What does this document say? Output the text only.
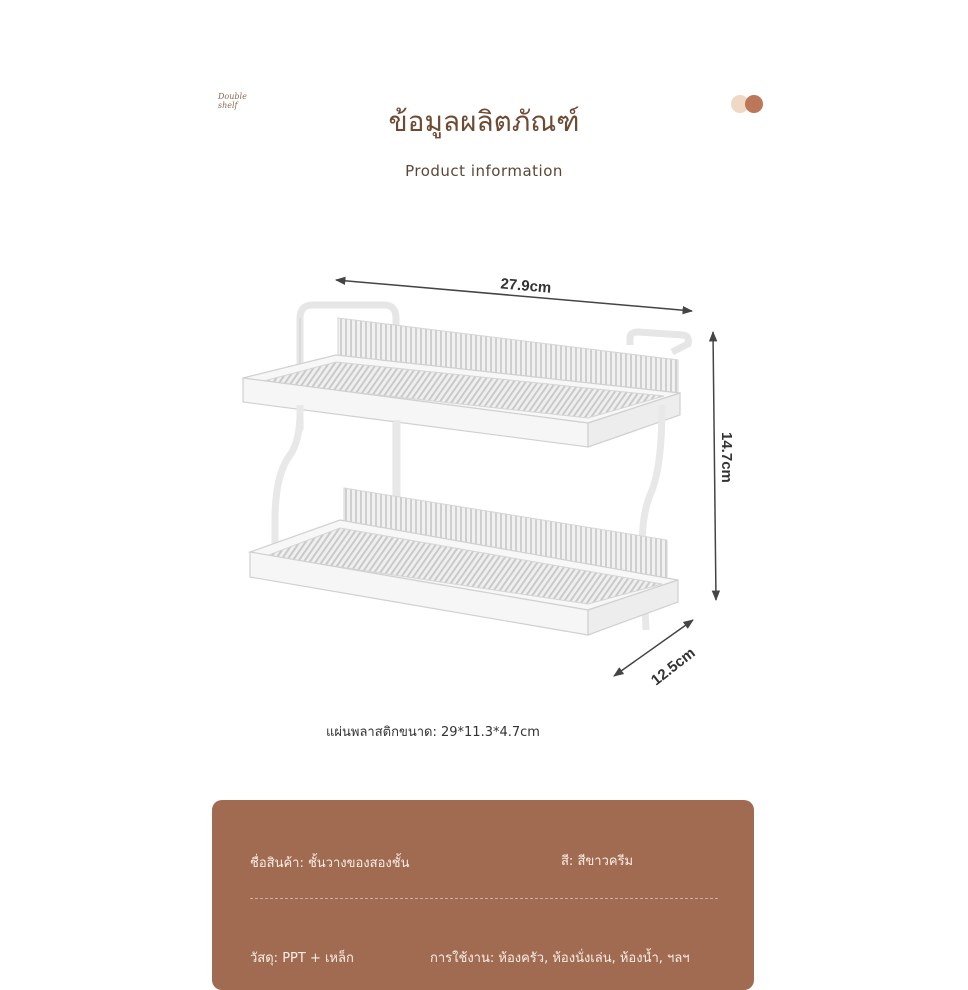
Double
shelf	ข้อมูลผลิตภัณฑ์
Product information
27.9cm
14.7cm
12.5cm
แผ่นพลาสติกขนาด: 29*11.3*4.7cm
ชื่อสินค้า: ชั้นวางของสองชั้น	สี: สีขาวครีม
วัสดุ: PPT + เหล็ก	การใช้งาน: ห้องครัว, ห้องนั่งเล่น, ห้องน้ำ, ฯลฯ
